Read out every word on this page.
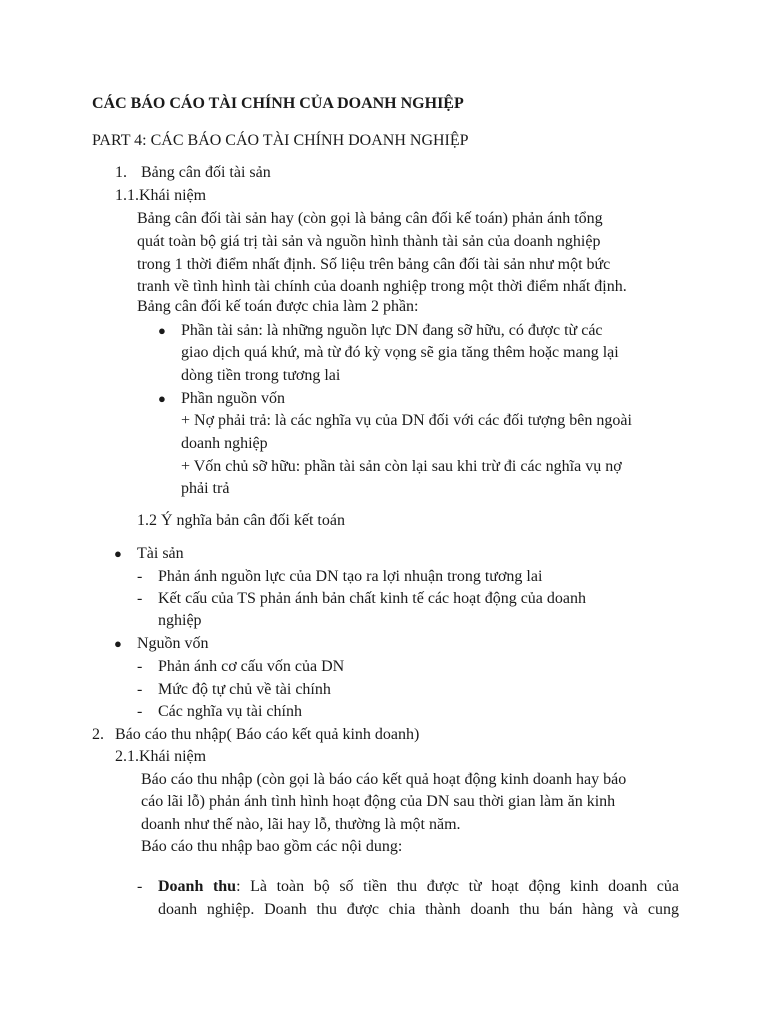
CÁC BÁO CÁO TÀI CHÍNH CỦA DOANH NGHIỆP
PART 4: CÁC BÁO CÁO TÀI CHÍNH DOANH NGHIỆP
1. Bảng cân đối tài sản
1.1.Khái niệm
Bảng cân đối tài sản hay (còn gọi là bảng cân đối kế toán) phản ánh tổng
quát toàn bộ giá trị tài sản và nguồn hình thành tài sản của doanh nghiệp
trong 1 thời điểm nhất định. Số liệu trên bảng cân đối tài sản như một bức
tranh về tình hình tài chính của doanh nghiệp trong một thời điểm nhất định.
Bảng cân đối kế toán được chia làm 2 phần:
● Phần tài sản: là những nguồn lực DN đang sỡ hữu, có được từ các
giao dịch quá khứ, mà từ đó kỳ vọng sẽ gia tăng thêm hoặc mang lại
dòng tiền trong tương lai
● Phần nguồn vốn
+ Nợ phải trả: là các nghĩa vụ của DN đối với các đối tượng bên ngoài
doanh nghiệp
+ Vốn chủ sỡ hữu: phần tài sản còn lại sau khi trừ đi các nghĩa vụ nợ
phải trả
1.2 Ý nghĩa bản cân đối kết toán
● Tài sản
- Phản ánh nguồn lực của DN tạo ra lợi nhuận trong tương lai
- Kết cấu của TS phản ánh bản chất kinh tế các hoạt động của doanh
nghiệp
● Nguồn vốn
- Phản ánh cơ cấu vốn của DN
- Mức độ tự chủ về tài chính
- Các nghĩa vụ tài chính
2. Báo cáo thu nhập( Báo cáo kết quả kinh doanh)
2.1.Khái niệm
Báo cáo thu nhập (còn gọi là báo cáo kết quả hoạt động kinh doanh hay báo
cáo lãi lỗ) phản ánh tình hình hoạt động của DN sau thời gian làm ăn kinh
doanh như thế nào, lãi hay lỗ, thường là một năm.
Báo cáo thu nhập bao gồm các nội dung:
- Doanh thu: Là toàn bộ số tiền thu được từ hoạt động kinh doanh của
doanh nghiệp. Doanh thu được chia thành doanh thu bán hàng và cung
